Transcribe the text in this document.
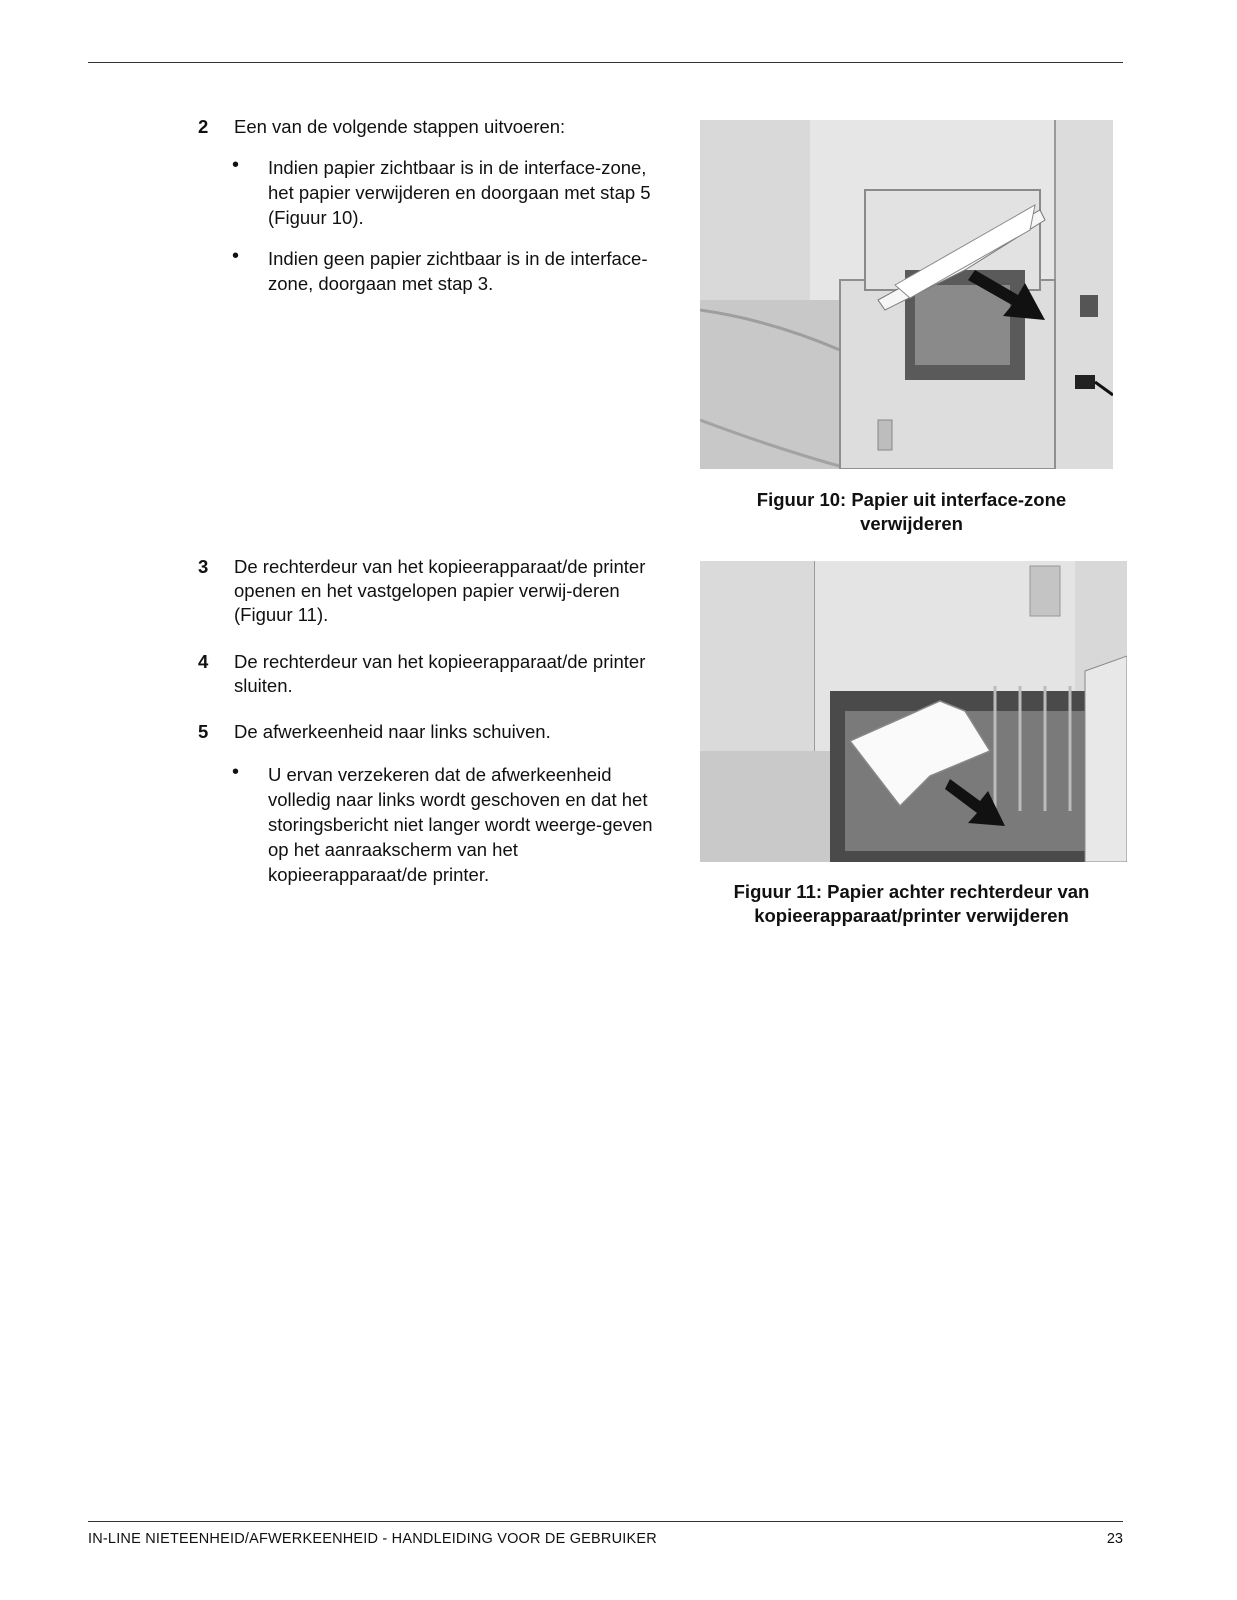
2 Een van de volgende stappen uitvoeren:
• Indien papier zichtbaar is in de interface-zone, het papier verwijderen en doorgaan met stap 5 (Figuur 10).
• Indien geen papier zichtbaar is in de interface-zone, doorgaan met stap 3.
3 De rechterdeur van het kopieerapparaat/de printer openen en het vastgelopen papier verwij-deren (Figuur 11).
4 De rechterdeur van het kopieerapparaat/de printer sluiten.
5 De afwerkeenheid naar links schuiven.
• U ervan verzekeren dat de afwerkeenheid volledig naar links wordt geschoven en dat het storingsbericht niet langer wordt weerge-geven op het aanraakscherm van het kopieerapparaat/de printer.
Figuur 10: Papier uit interface-zone
verwijderen
Figuur 11: Papier achter rechterdeur van
kopieerapparaat/printer verwijderen
IN-LINE NIETEENHEID/AFWERKEENHEID - HANDLEIDING VOOR DE GEBRUIKER	23
